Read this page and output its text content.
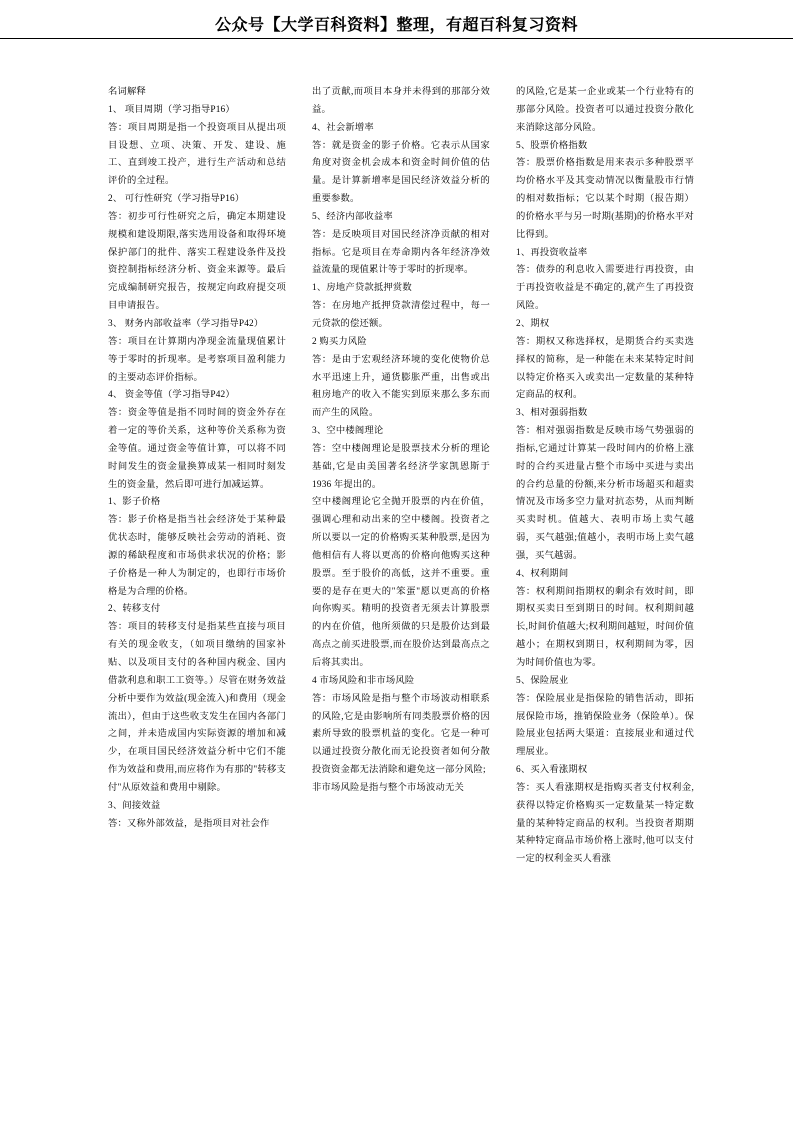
公众号【大学百科资料】整理，有超百科复习资料

名词解释

1、 项目周期（学习指导P16）

答：项目周期是指一个投资项目从提出项目设想、立项、决策、开发、建设、施工、直到竣工投产，进行生产活动和总结评价的全过程。

2、 可行性研究（学习指导P16）

答：初步可行性研究之后，确定本期建设规模和建设期限,落实选用设备和取得环境保护部门的批件、落实工程建设条件及投资控制指标经济分析、资金来源等。最后完成编制研究报告，按规定向政府提交项目申请报告。

3、 财务内部收益率（学习指导P42）

答：项目在计算期内净现金流量现值累计等于零时的折现率。是考察项目盈利能力的主要动态评价指标。

4、 资金等值（学习指导P42）

答：资金等值是指不同时间的资金外存在着一定的等价关系，这种等价关系称为资金等值。通过资金等值计算，可以将不同时间发生的资金量换算成某一相同时刻发生的资金量，然后即可进行加减运算。

1、影子价格

答：影子价格是指当社会经济处于某种最优状态时，能够反映社会劳动的消耗、资源的稀缺程度和市场供求状况的价格；影子价格是一种人为制定的，也即行市场价格是为合理的价格。

2、转移支付

答：项目的转移支付是指某些直接与项目有关的现金收支，（如项目缴纳的国家补贴、以及项目支付的各种国内税金、国内借款利息和职工工资等。）尽管在财务效益分析中要作为效益(现金流入)和费用（现金流出），但由于这些收支发生在国内各部门之间，并未造成国内实际资源的增加和减少，在项目国民经济效益分析中它们不能作为效益和费用,而应将作为有那的"转移支付"从原效益和费用中剔除。

3、间接效益

答：又称外部效益，是指项目对社会作

出了贡献,而项目本身并未得到的那部分效益。

4、社会新增率

答：就是资金的影子价格。它表示从国家角度对资金机会成本和资金时间价值的估量。是计算新增率是国民经济效益分析的重要参数。

5、经济内部收益率

答：是反映项目对国民经济净贡献的相对指标。它是项目在寿命期内各年经济净效益流量的现值累计等于零时的折现率。

1、房地产贷款抵押赏数

答：在房地产抵押贷款清偿过程中，每一元贷款的偿还额。

2 购买力风险

答：是由于宏观经济环境的变化使物价总水平迅速上升，通货膨胀严重，出售或出租房地产的收入不能实到原来那么多东而而产生的风险。

3、空中楼阁理论

答：空中楼阁理论是股票技术分析的理论基础,它是由美国著名经济学家凯恩斯于 1936 年提出的。

空中楼阁理论它全抛开股票的内在价值，强调心理和动出来的空中楼阁。投资者之所以要以一定的价格购买某种股票,是因为他相信有人将以更高的价格向他购买这种股票。至于股价的高低，这并不重要。重要的是存在更大的"笨蛋"愿以更高的价格向你购买。精明的投资者无须去计算股票的内在价值，他所须做的只是股价达到最高点之前买进股票,而在股价达到最高点之后将其卖出。

4 市场风险和非市场风险

答：市场风险是指与整个市场波动相联系的风险,它是由影响所有同类股票价格的因素所导致的股票机益的变化。它是一种可以通过投资分散化而无论投资者如何分散投资资金都无法消除和避免这一部分风险;

非市场风险是指与整个市场波动无关

的风险,它是某一企业或某一个行业特有的那部分风险。投资者可以通过投资分散化来消除这部分风险。

5、股票价格指数

答：股票价格指数是用来表示多种股票平均价格水平及其变动情况以衡量股市行情的相对数指标；它以某个时期（报告期）的价格水平与另一时期(基期)的价格水平对比得到。

1、再投资收益率

答：债券的利息收入需要进行再投资，由于再投资收益是不确定的,就产生了再投资风险。

2、期权

答：期权又称选择权，是期货合约买卖选择权的简称，是一种能在未来某特定时间以特定价格买入或卖出一定数量的某种特定商品的权利。

3、相对强弱指数

答：相对强弱指数是反映市场气势强弱的指标,它通过计算某一段时间内的价格上涨时的合约买进量占整个市场中买进与卖出的合约总量的份额,来分析市场超买和超卖情况及市场多空力量对抗态势，从而判断买卖时机。值越大、表明市场上卖气越弱，买气越强;值越小，表明市场上卖气越强，买气越弱。

4、权利期间

答：权利期间指期权的剩余有效时间，即期权买卖日至到期日的时间。权利期间越长,时间价值越大;权利期间越短，时间价值越小；在期权到期日，权利期间为零，因为时间价值也为零。

5、保险展业

答：保险展业是指保险的销售活动，即拓展保险市场，推销保险业务（保险单）。保险展业包括两大渠道：直接展业和通过代理展业。

6、买入看涨期权

答：买人看涨期权是指购买者支付权利金,获得以特定价格购买一定数量某一特定数量的某种特定商品的权利。当投资者期期某种特定商品市场价格上涨时,他可以支付一定的权利金买人看涨
